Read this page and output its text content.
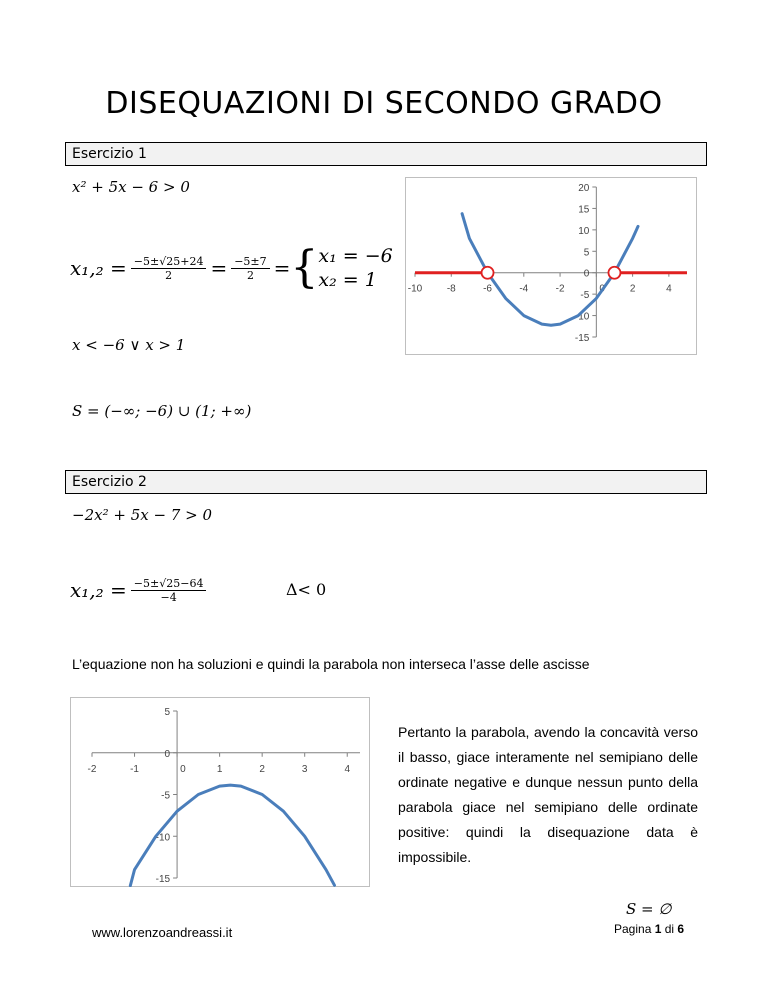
DISEQUAZIONI DI SECONDO GRADO
Esercizio 1
x² + 5x − 6 > 0
$x_1,_2 = \frac{-5\pm√25+24}{2} = \frac{-5\pm 7}{2}$ = { x₁ = −6
x₂ = 1
x < −6 ∨ x > 1
S = (−∞; −6) ∪ (1; +∞)
-15
-10
-5
0
5
10
15
20
-10 -8	-6	-4	-2	2	4
0
Esercizio 2
−2x² + 5x − 7 > 0
$x_1,_2 = \frac{-5\pm√25-64}{-4}$	Δ< 0
L’equazione non ha soluzioni e quindi la parabola non interseca l’asse delle ascisse
-15
-10
-5
0
5
-2	-1	1	2	3	4
0
Pertanto la parabola, avendo la concavità verso il basso, giace interamente nel semipiano delle ordinate negative e dunque nessun punto della parabola giace nel semipiano delle ordinate positive: quindi la disequazione data è impossibile.
S = ∅
www.lorenzoandreassi.it	Pagina 1 di 6
